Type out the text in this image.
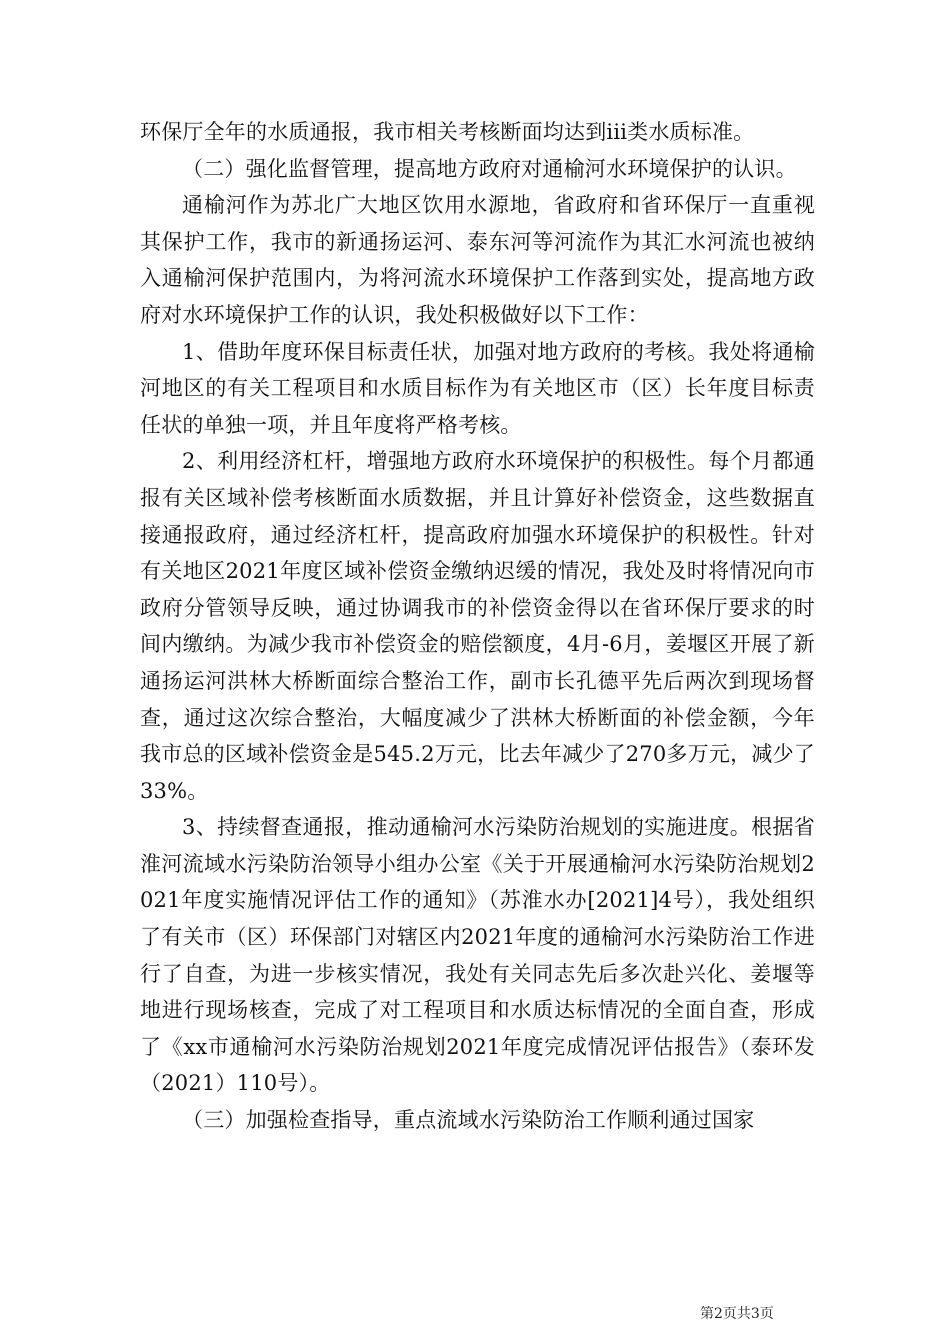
环保厅全年的水质通报，我市相关考核断面均达到iii类水质标准。

（二）强化监督管理，提高地方政府对通榆河水环境保护的认识。

通榆河作为苏北广大地区饮用水源地，省政府和省环保厅一直重视其保护工作，我市的新通扬运河、泰东河等河流作为其汇水河流也被纳入通榆河保护范围内，为将河流水环境保护工作落到实处，提高地方政府对水环境保护工作的认识，我处积极做好以下工作：

1、借助年度环保目标责任状，加强对地方政府的考核。我处将通榆河地区的有关工程项目和水质目标作为有关地区市（区）长年度目标责任状的单独一项，并且年度将严格考核。

2、利用经济杠杆，增强地方政府水环境保护的积极性。每个月都通报有关区域补偿考核断面水质数据，并且计算好补偿资金，这些数据直接通报政府，通过经济杠杆，提高政府加强水环境保护的积极性。针对有关地区2021年度区域补偿资金缴纳迟缓的情况，我处及时将情况向市政府分管领导反映，通过协调我市的补偿资金得以在省环保厅要求的时间内缴纳。为减少我市补偿资金的赔偿额度，4月-6月，姜堰区开展了新通扬运河洪林大桥断面综合整治工作，副市长孔德平先后两次到现场督查，通过这次综合整治，大幅度减少了洪林大桥断面的补偿金额，今年我市总的区域补偿资金是545.2万元，比去年减少了270多万元，减少了33%。

3、持续督查通报，推动通榆河水污染防治规划的实施进度。根据省淮河流域水污染防治领导小组办公室《关于开展通榆河水污染防治规划2021年度实施情况评估工作的通知》（苏淮水办[2021]4号），我处组织了有关市（区）环保部门对辖区内2021年度的通榆河水污染防治工作进行了自查，为进一步核实情况，我处有关同志先后多次赴兴化、姜堰等地进行现场核查，完成了对工程项目和水质达标情况的全面自查，形成了《xx市通榆河水污染防治规划2021年度完成情况评估报告》（泰环发（2021）110号）。

（三）加强检查指导，重点流域水污染防治工作顺利通过国家

第2页共3页
